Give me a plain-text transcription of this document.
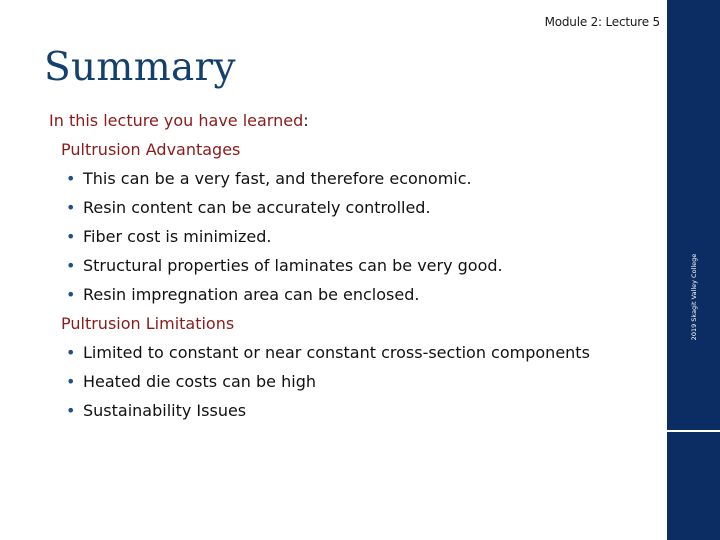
Module 2: Lecture 5
Summary
2019 Skagit Valley College
In this lecture you have learned:
Pultrusion Advantages
• This can be a very fast, and therefore economic.
• Resin content can be accurately controlled.
• Fiber cost is minimized.
• Structural properties of laminates can be very good.
• Resin impregnation area can be enclosed.
Pultrusion Limitations
• Limited to constant or near constant cross-section components
• Heated die costs can be high
• Sustainability Issues
